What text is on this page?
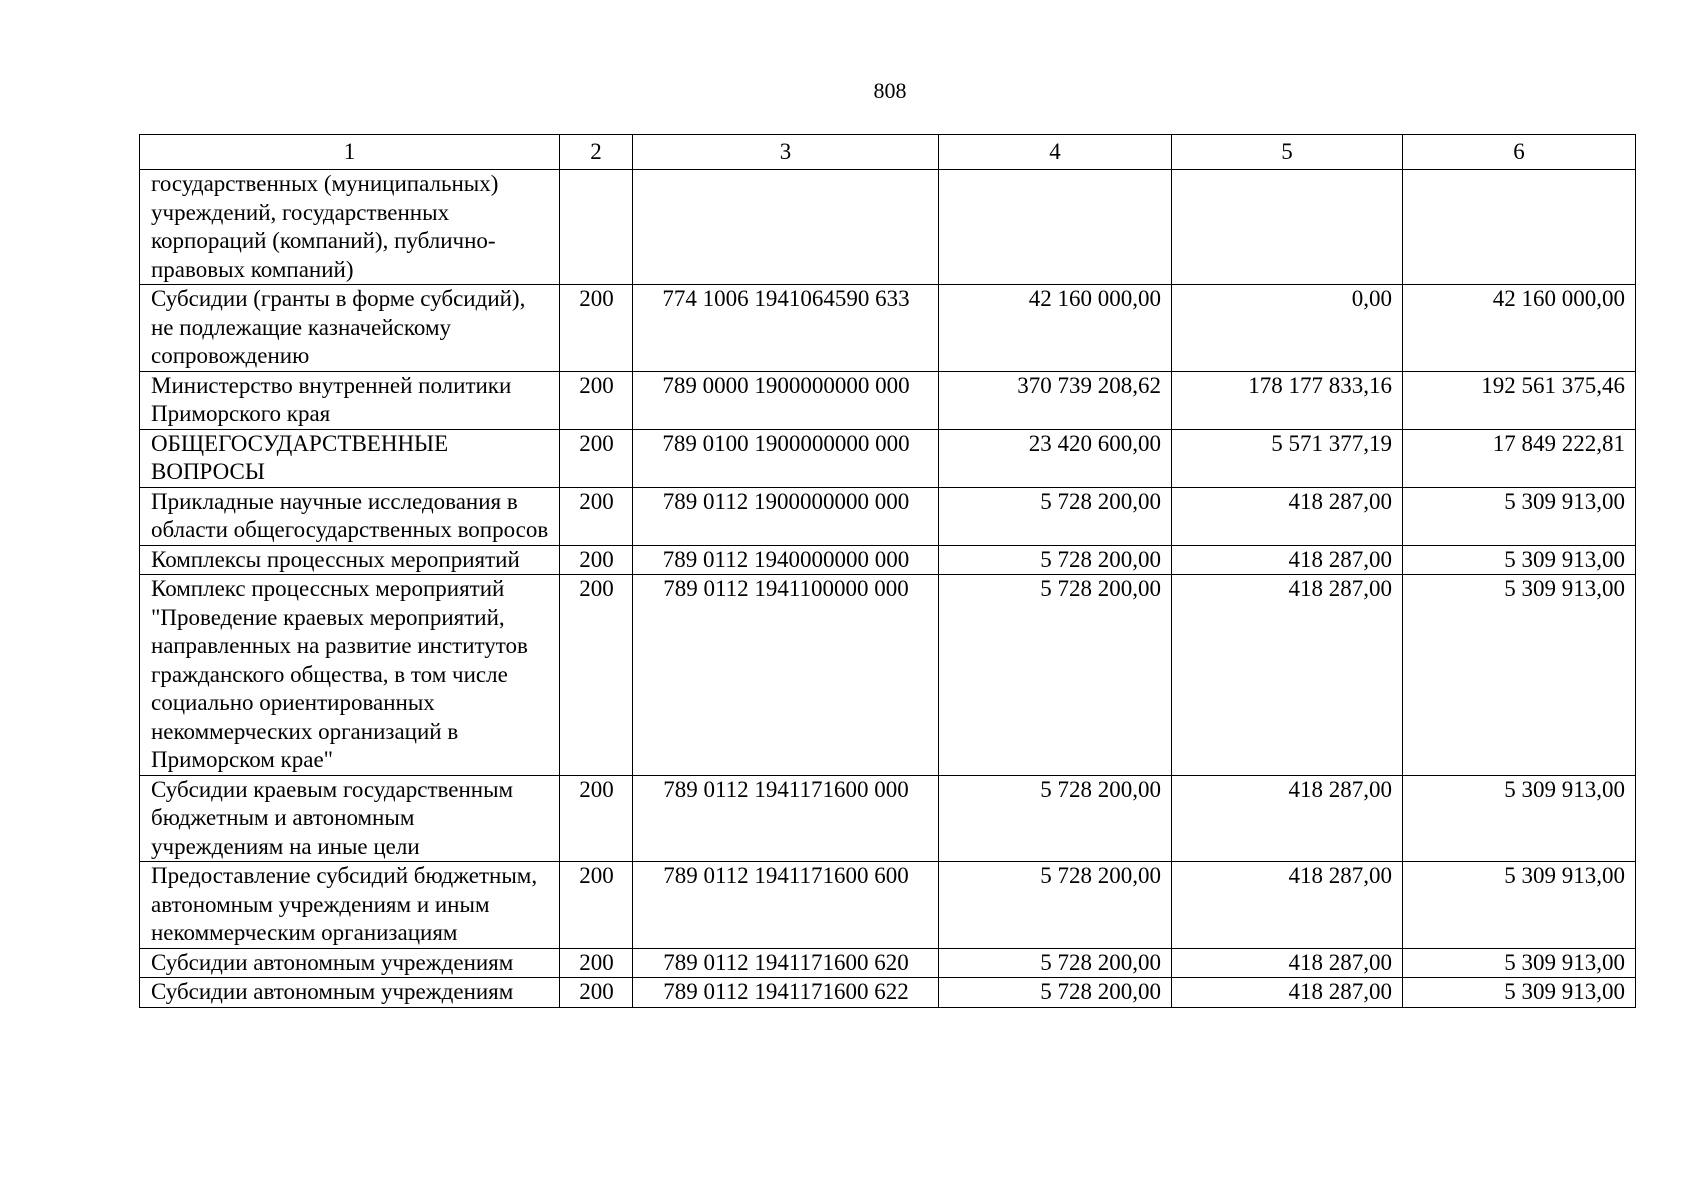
808
1	2	3	4	5	6
государственных (муниципальных) учреждений, государственных корпораций (компаний), публично-правовых компаний)					
Субсидии (гранты в форме субсидий), не подлежащие казначейскому сопровождению	200	774 1006 1941064590 633	42 160 000,00	0,00	42 160 000,00
Министерство внутренней политики Приморского края	200	789 0000 1900000000 000	370 739 208,62	178 177 833,16	192 561 375,46
ОБЩЕГОСУДАРСТВЕННЫЕ ВОПРОСЫ	200	789 0100 1900000000 000	23 420 600,00	5 571 377,19	17 849 222,81
Прикладные научные исследования в области общегосударственных вопросов	200	789 0112 1900000000 000	5 728 200,00	418 287,00	5 309 913,00
Комплексы процессных мероприятий	200	789 0112 1940000000 000	5 728 200,00	418 287,00	5 309 913,00
Комплекс процессных мероприятий "Проведение краевых мероприятий, направленных на развитие институтов гражданского общества, в том числе социально ориентированных некоммерческих организаций в Приморском крае"	200	789 0112 1941100000 000	5 728 200,00	418 287,00	5 309 913,00
Субсидии краевым государственным бюджетным и автономным учреждениям на иные цели	200	789 0112 1941171600 000	5 728 200,00	418 287,00	5 309 913,00
Предоставление субсидий бюджетным, автономным учреждениям и иным некоммерческим организациям	200	789 0112 1941171600 600	5 728 200,00	418 287,00	5 309 913,00
Субсидии автономным учреждениям	200	789 0112 1941171600 620	5 728 200,00	418 287,00	5 309 913,00
Субсидии автономным учреждениям	200	789 0112 1941171600 622	5 728 200,00	418 287,00	5 309 913,00
